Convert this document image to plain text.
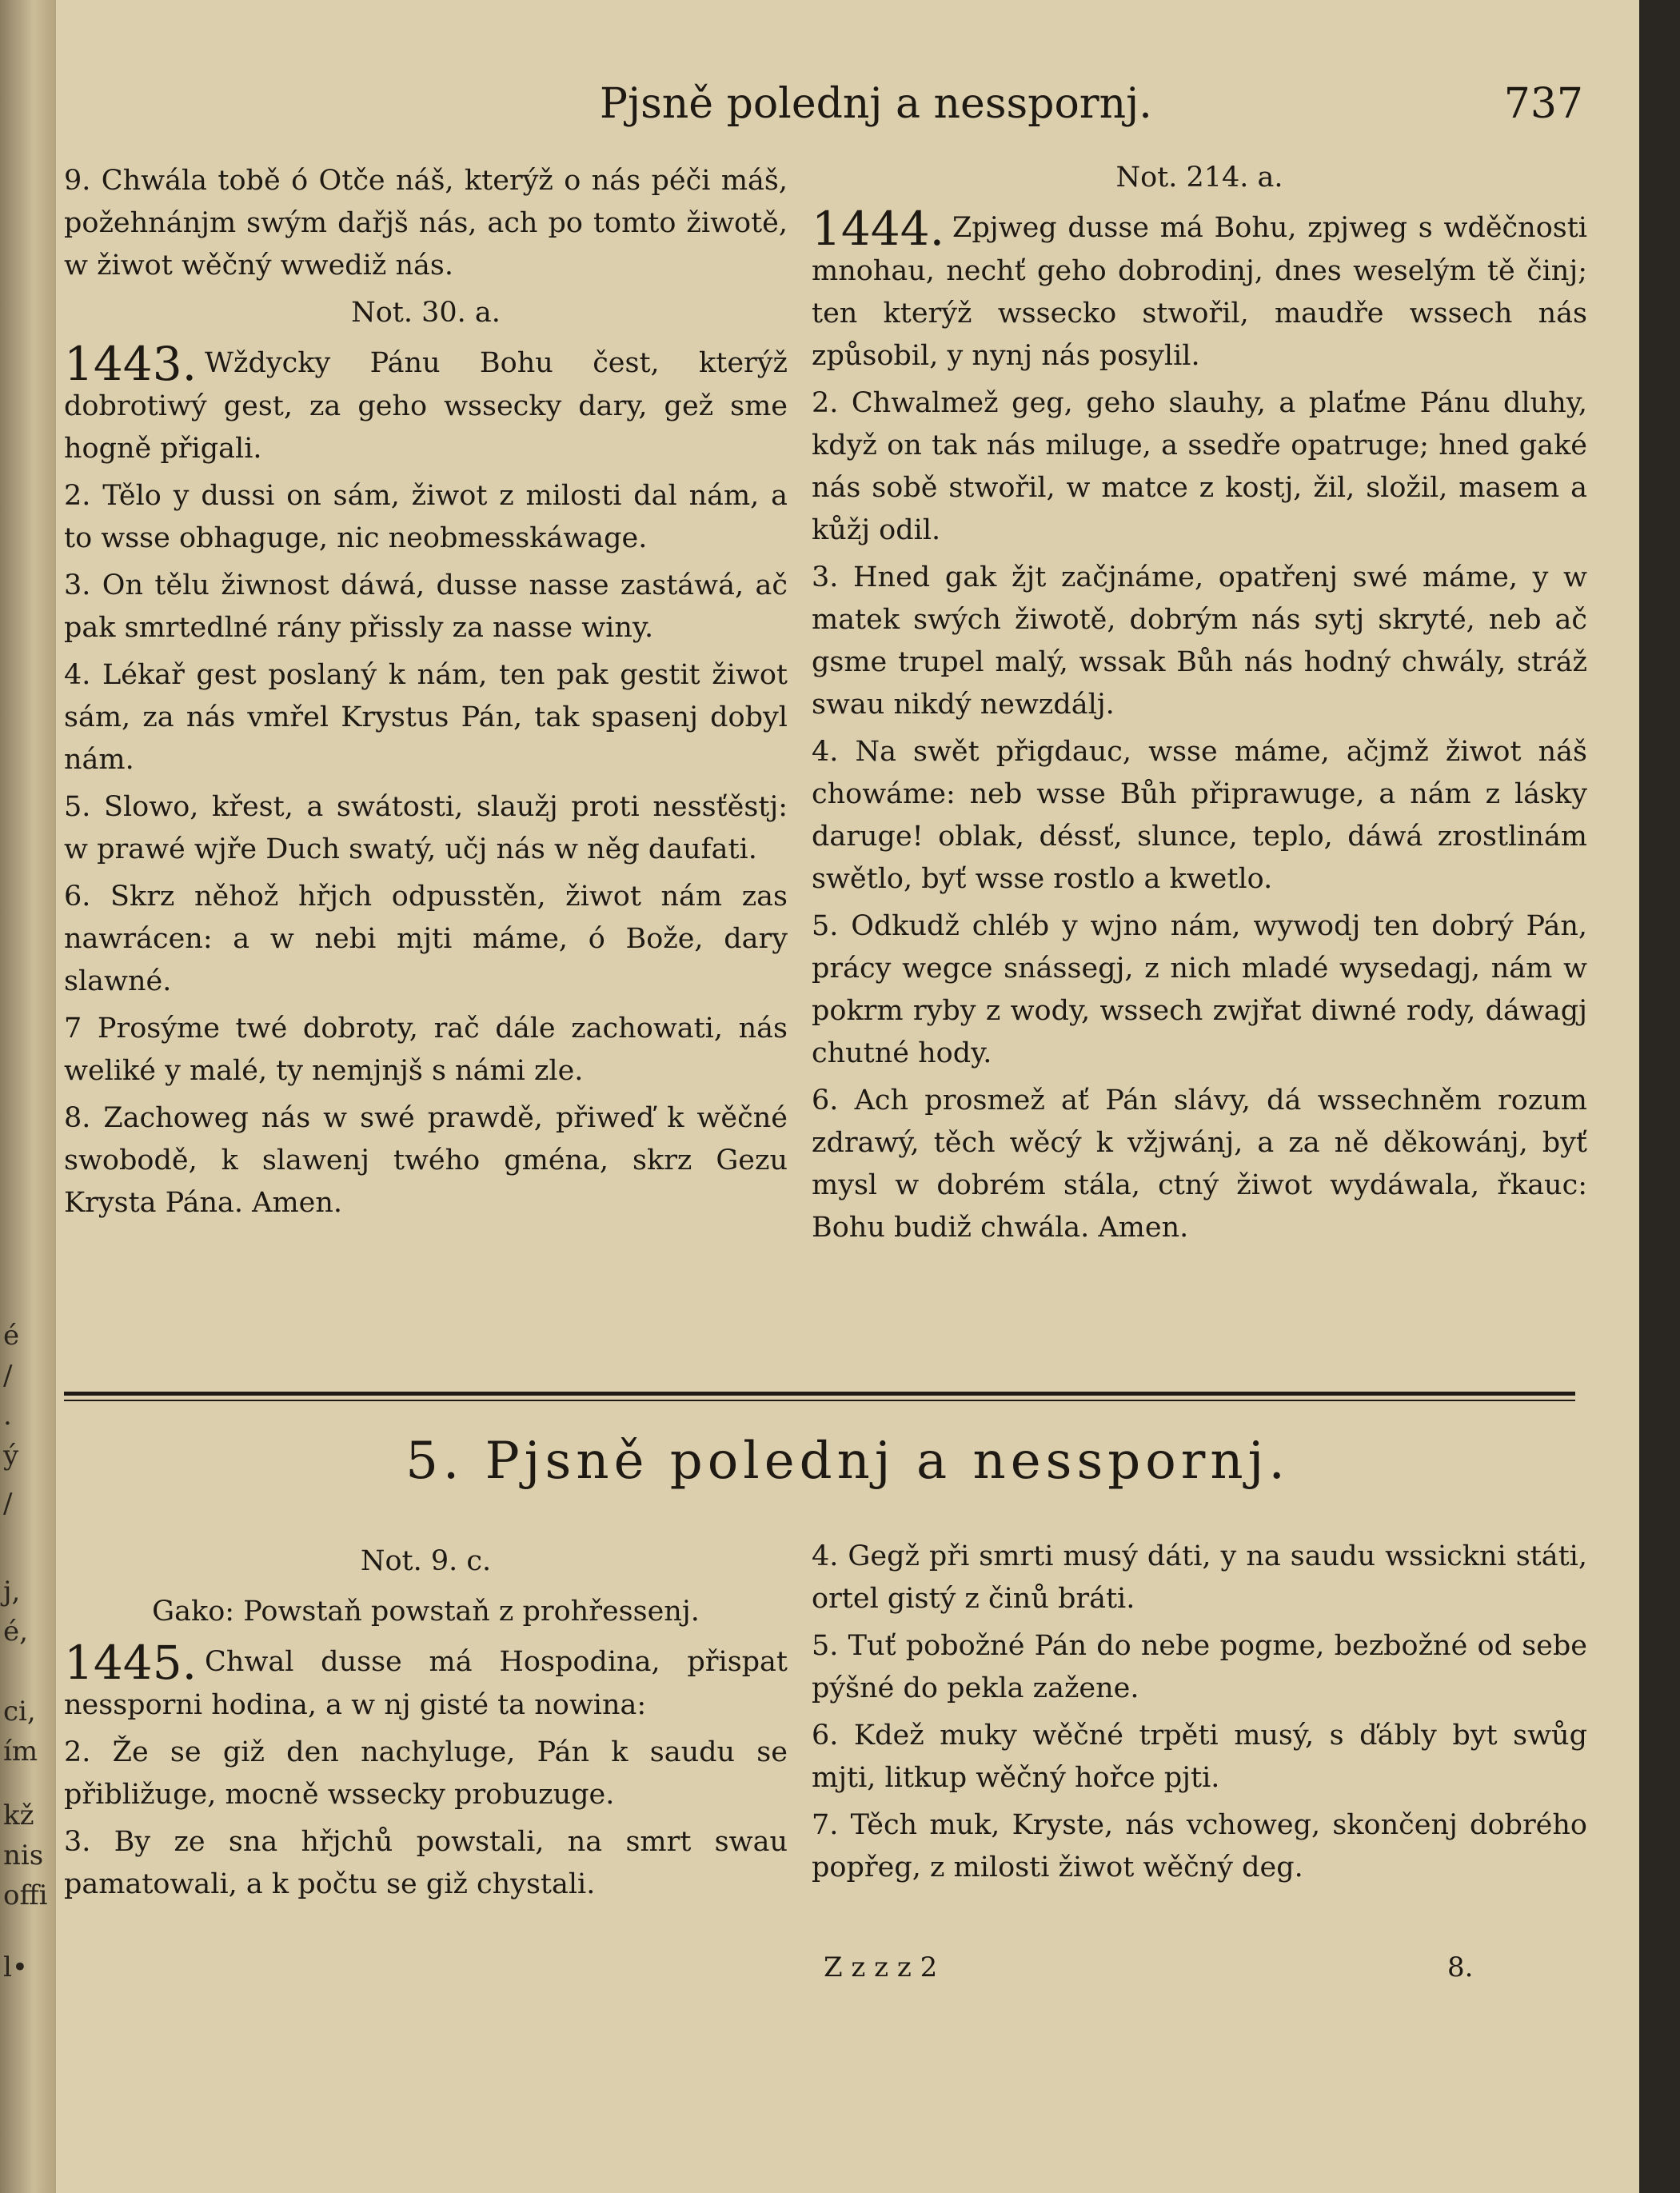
é
/
.
ý
/
j,
é,
ci,
ím
kž
nis
offi
l•
Pjsně polednj a nesspornj.	737

9. Chwála tobě ó Otče náš, kterýž o nás péči máš, požehnánjm swým dařjš nás, ach po tomto žiwotě, w žiwot wěčný wwediž nás.

Not. 30. a.

1443. Wždycky Pánu Bohu čest, kterýž dobrotiwý gest, za geho wssecky dary, gež sme hogně přigali.

2. Tělo y dussi on sám, žiwot z milosti dal nám, a to wsse obhaguge, nic neobmesskáwage.

3. On tělu žiwnost dáwá, dusse nasse zastáwá, ač pak smrtedlné rány přissly za nasse winy.

4. Lékař gest poslaný k nám, ten pak gestit žiwot sám, za nás vmřel Krystus Pán, tak spasenj dobyl nám.

5. Slowo, křest, a swátosti, slaužj proti nessťěstj: w prawé wjře Duch swatý, učj nás w něg daufati.

6. Skrz něhož hřjch odpusstěn, žiwot nám zas nawrácen: a w nebi mjti máme, ó Bože, dary slawné.

7 Prosýme twé dobroty, rač dále zachowati, nás weliké y malé, ty nemjnjš s námi zle.

8. Zachoweg nás w swé prawdě, přiweď k wěčné swobodě, k slawenj twého gména, skrz Gezu Krysta Pána. Amen.

Not. 214. a.

1444. Zpjweg dusse má Bohu, zpjweg s wděčnosti mnohau, nechť geho dobrodinj, dnes weselým tě činj; ten kterýž wssecko stwořil, maudře wssech nás způsobil, y nynj nás posylil.

2. Chwalmež geg, geho slauhy, a plaťme Pánu dluhy, když on tak nás miluge, a ssedře opatruge; hned gaké nás sobě stwořil, w matce z kostj, žil, složil, masem a kůžj odil.

3. Hned gak žjt začjnáme, opatřenj swé máme, y w matek swých žiwotě, dobrým nás sytj skryté, neb ač gsme trupel malý, wssak Bůh nás hodný chwály, stráž swau nikdý newzdálj.

4. Na swět přigdauc, wsse máme, ačjmž žiwot náš chowáme: neb wsse Bůh připrawuge, a nám z lásky daruge! oblak, déssť, slunce, teplo, dáwá zrostlinám swětlo, byť wsse rostlo a kwetlo.

5. Odkudž chléb y wjno nám, wywodj ten dobrý Pán, prácy wegce snássegj, z nich mladé wysedagj, nám w pokrm ryby z wody, wssech zwjřat diwné rody, dáwagj chutné hody.

6. Ach prosmež ať Pán slávy, dá wssechněm rozum zdrawý, těch wěcý k vžjwánj, a za ně děkowánj, byť mysl w dobrém stála, ctný žiwot wydáwala, řkauc: Bohu budiž chwála. Amen.

5. Pjsně polednj a nesspornj.

Not. 9. c.

Gako: Powstaň powstaň z prohřessenj.

1445. Chwal dusse má Hospodina, přispat nessporni hodina, a w nj gisté ta nowina:

2. Že se giž den nachyluge, Pán k saudu se přibližuge, mocně wssecky probuzuge.

3. By ze sna hřjchů powstali, na smrt swau pamatowali, a k počtu se giž chystali.

4. Gegž při smrti musý dáti, y na saudu wssickni státi, ortel gistý z činů bráti.

5. Tuť pobožné Pán do nebe pogme, bezbožné od sebe pýšné do pekla zažene.

6. Kdež muky wěčné trpěti musý, s ďábly byt swůg mjti, litkup wěčný hořce pjti.

7. Těch muk, Kryste, nás vchoweg, skončenj dobrého popřeg, z milosti žiwot wěčný deg.

Z z z z 2	8.
